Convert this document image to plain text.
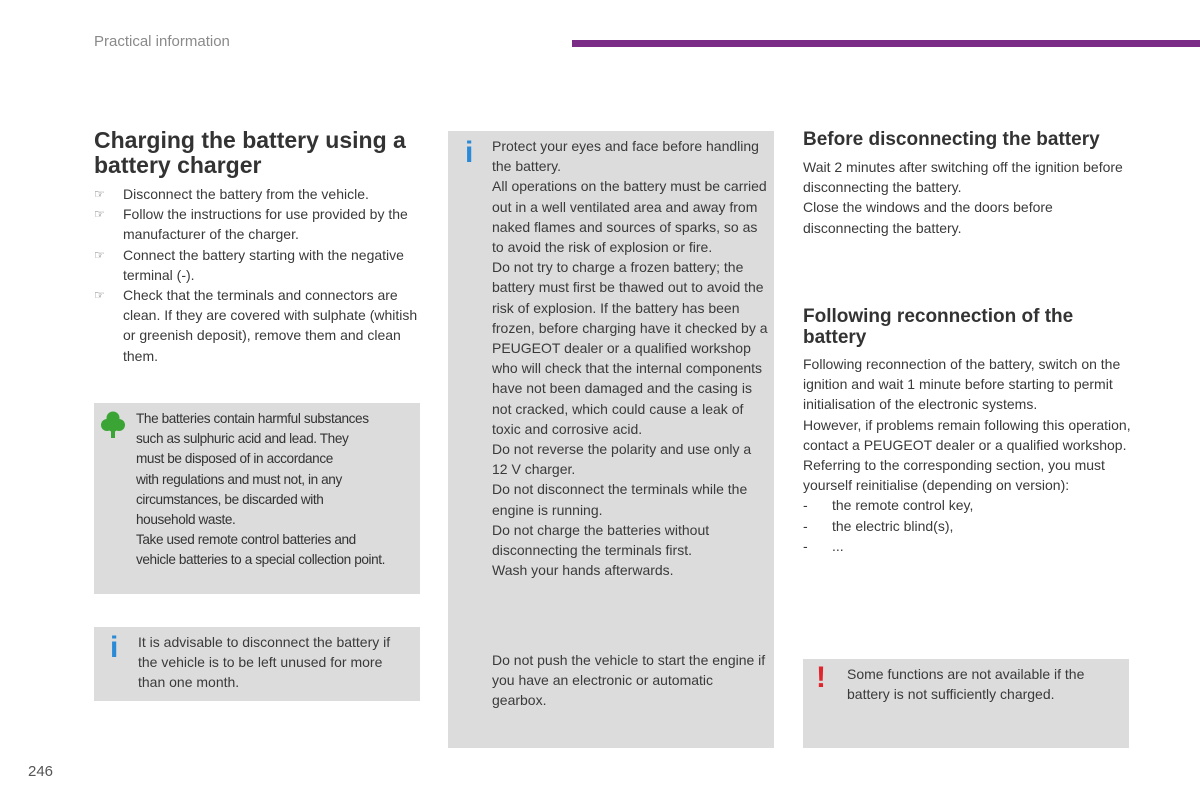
Practical information
Charging the battery using a battery charger
☞ Disconnect the battery from the vehicle.
☞ Follow the instructions for use provided by the manufacturer of the charger.
☞ Connect the battery starting with the negative terminal (-).
☞ Check that the terminals and connectors are clean. If they are covered with sulphate (whitish or greenish deposit), remove them and clean them.
The batteries contain harmful substances
such as sulphuric acid and lead. They
must be disposed of in accordance
with regulations and must not, in any
circumstances, be discarded with
household waste.
Take used remote control batteries and
vehicle batteries to a special collection point.
i It is advisable to disconnect the battery if the vehicle is to be left unused for more than one month.
i Protect your eyes and face before handling the battery.

All operations on the battery must be carried out in a well ventilated area and away from naked flames and sources of sparks, so as to avoid the risk of explosion or fire.

Do not try to charge a frozen battery; the battery must first be thawed out to avoid the risk of explosion. If the battery has been frozen, before charging have it checked by a PEUGEOT dealer or a qualified workshop who will check that the internal components have not been damaged and the casing is not cracked, which could cause a leak of toxic and corrosive acid.

Do not reverse the polarity and use only a 12 V charger.

Do not disconnect the terminals while the engine is running.

Do not charge the batteries without disconnecting the terminals first.

Wash your hands afterwards.

Do not push the vehicle to start the engine if you have an electronic or automatic gearbox.
Before disconnecting the battery

Wait 2 minutes after switching off the ignition before disconnecting the battery.

Close the windows and the doors before disconnecting the battery.

Following reconnection of the battery

Following reconnection of the battery, switch on the ignition and wait 1 minute before starting to permit initialisation of the electronic systems.

However, if problems remain following this operation, contact a PEUGEOT dealer or a qualified workshop.

Referring to the corresponding section, you must yourself reinitialise (depending on version):

- the remote control key,
- the electric blind(s),
- ...
! Some functions are not available if the battery is not sufficiently charged.
246
